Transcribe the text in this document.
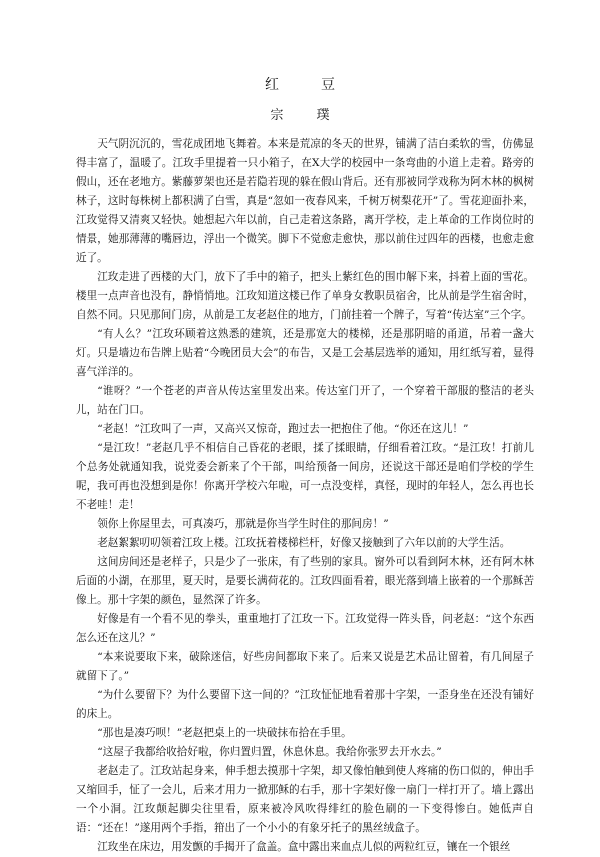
红　豆
宗　璞

天气阴沉沉的，雪花成团地飞舞着。本来是荒凉的冬天的世界，铺满了洁白柔软的雪，仿佛显得丰富了，温暖了。江玫手里提着一只小箱子，在X大学的校园中一条弯曲的小道上走着。路旁的假山，还在老地方。紫藤萝架也还是若隐若现的躲在假山背后。还有那被同学戏称为阿木林的枫树林子，这时每株树上都积满了白雪，真是“忽如一夜春风来，千树万树梨花开”了。雪花迎面扑来，江玫觉得又清爽又轻快。她想起六年以前，自己走着这条路，离开学校，走上革命的工作岗位时的情景，她那薄薄的嘴唇边，浮出一个微笑。脚下不觉愈走愈快，那以前住过四年的西楼，也愈走愈近了。

江玫走进了西楼的大门，放下了手中的箱子，把头上紫红色的围巾解下来，抖着上面的雪花。楼里一点声音也没有，静悄悄地。江玫知道这楼已作了单身女教职员宿舍，比从前是学生宿舍时，自然不同。只见那间门房，从前是工友老赵住的地方，门前挂着一个牌子，写着“传达室”三个字。

“有人么？”江玫环顾着这熟悉的建筑，还是那宽大的楼梯，还是那阴暗的甬道，吊着一盏大灯。只是墙边布告牌上贴着“今晚团员大会”的布告，又是工会基层选举的通知，用红纸写着，显得喜气洋洋的。

“谁呀？”一个苍老的声音从传达室里发出来。传达室门开了，一个穿着干部服的整洁的老头儿，站在门口。

“老赵！”江玫叫了一声，又高兴又惊奇，跑过去一把抱住了他。“你还在这儿！”

“是江玫！”老赵几乎不相信自己昏花的老眼，揉了揉眼睛，仔细看着江玫。“是江玫！打前儿个总务处就通知我，说党委会新来了个干部，叫给预备一间房，还说这干部还是咱们学校的学生呢，我可再也没想到是你！你离开学校六年啦，可一点没变样，真怪，现时的年轻人，怎么再也长不老哇！走！

领你上你屋里去，可真凑巧，那就是你当学生时住的那间房！”

老赵絮絮叨叨领着江玫上楼。江玫抚着楼梯栏杆，好像又接触到了六年以前的大学生活。

这间房间还是老样子，只是少了一张床，有了些别的家具。窗外可以看到阿木林，还有阿木林后面的小湖，在那里，夏天时，是要长满荷花的。江玫四面看着，眼光落到墙上嵌着的一个那稣苦像上。那十字架的颜色，显然深了许多。

好像是有一个看不见的拳头，重重地打了江玫一下。江玫觉得一阵头昏，问老赵：“这个东西怎么还在这儿？”

“本来说要取下来，破除迷信，好些房间都取下来了。后来又说是艺术品让留着，有几间屋子就留下了。”

“为什么要留下？为什么要留下这一间的？”江玫怔怔地看着那十字架，一歪身坐在还没有铺好的床上。

“那也是凑巧呗！”老赵把桌上的一块破抹布拾在手里。

“这屋子我都给收拾好啦，你归置归置，休息休息。我给你张罗去开水去。”

老赵走了。江玫站起身来，伸手想去摸那十字架，却又像怕触到使人疼痛的伤口似的，伸出手又缩回手，怔了一会儿，后来才用力一掀那稣的右手，那十字架好像一扇门一样打开了。墙上露出一个小洞。江玫颠起脚尖往里看，原来被冷风吹得绯红的脸色刷的一下变得惨白。她低声自语：“还在！”遂用两个手指，箝出了一个小小的有象牙托子的黑丝绒盒子。

江玫坐在床边，用发颤的手揭开了盒盖。盒中露出来血点儿似的两粒红豆，镶在一个银丝
